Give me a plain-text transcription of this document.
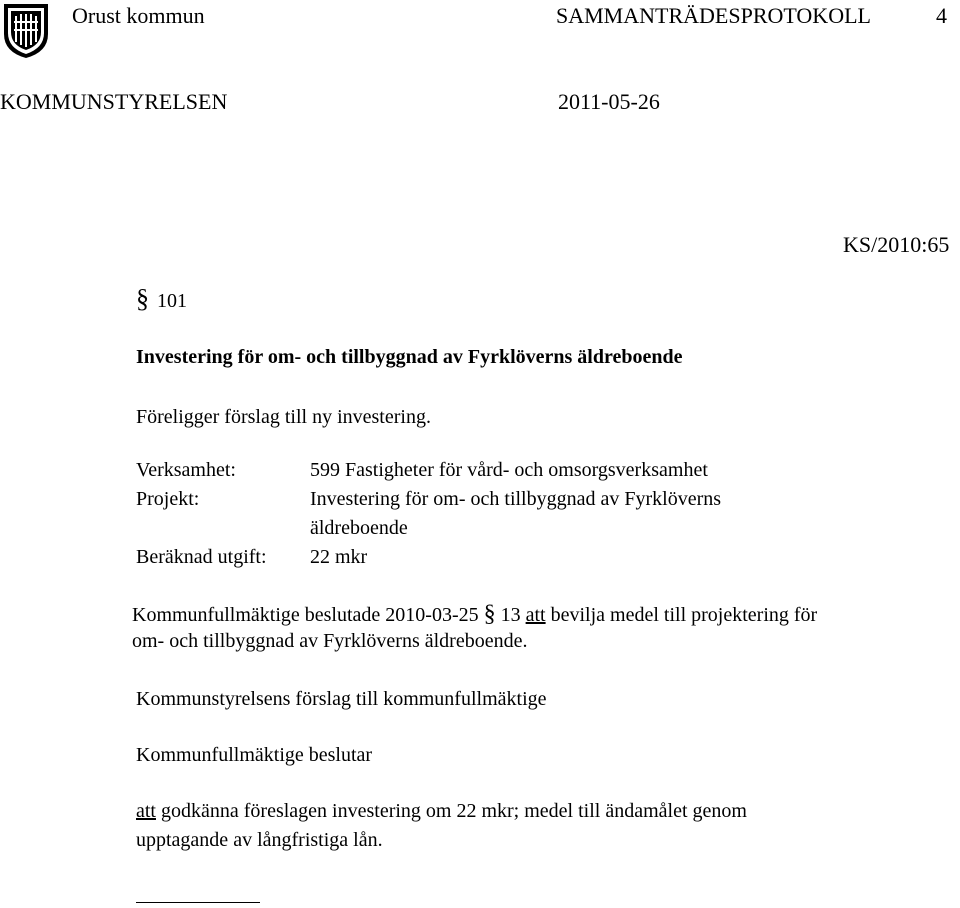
Orust kommun	SAMMANTRÄDESPROTOKOLL	4
KOMMUNSTYRELSEN	2011-05-26
KS/2010:65
§ 101
Investering för om- och tillbyggnad av Fyrklöverns äldreboende
Föreligger förslag till ny investering.
Verksamhet:	599 Fastigheter för vård- och omsorgsverksamhet
Projekt:	Investering för om- och tillbyggnad av Fyrklöverns
äldreboende
Beräknad utgift: 22 mkr
Kommunfullmäktige beslutade 2010-03-25 § 13 att bevilja medel till projektering för
om- och tillbyggnad av Fyrklöverns äldreboende.
Kommunstyrelsens förslag till kommunfullmäktige
Kommunfullmäktige beslutar
att godkänna föreslagen investering om 22 mkr; medel till ändamålet genom
upptagande av långfristiga lån.
